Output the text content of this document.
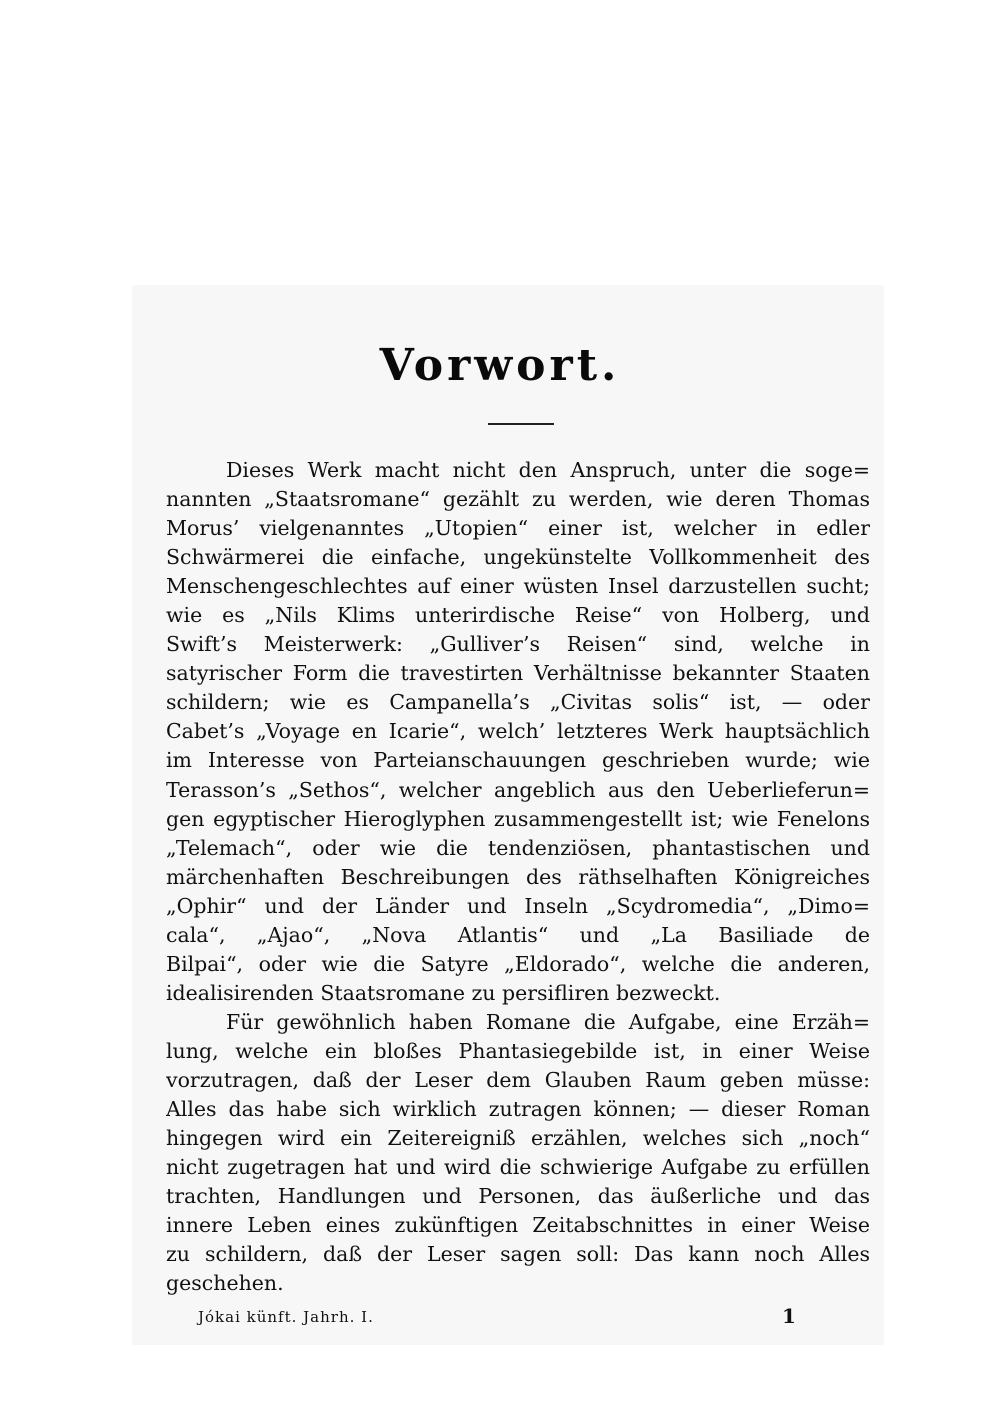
Vorwort.
Dieses Werk macht nicht den Anspruch, unter die soge=
nannten „Staatsromane“ gezählt zu werden, wie deren Thomas
Morus’ vielgenanntes „Utopien“ einer ist, welcher in edler
Schwärmerei die einfache, ungekünstelte Vollkommenheit des
Menschengeschlechtes auf einer wüsten Insel darzustellen sucht;
wie es „Nils Klims unterirdische Reise“ von Holberg, und
Swift’s Meisterwerk: „Gulliver’s Reisen“ sind, welche in
satyrischer Form die travestirten Verhältnisse bekannter Staaten
schildern; wie es Campanella’s „Civitas solis“ ist, — oder
Cabet’s „Voyage en Icarie“, welch’ letzteres Werk hauptsächlich
im Interesse von Parteianschauungen geschrieben wurde; wie
Terasson’s „Sethos“, welcher angeblich aus den Ueberlieferun=
gen egyptischer Hieroglyphen zusammengestellt ist; wie Fenelons
„Telemach“, oder wie die tendenziösen, phantastischen und
märchenhaften Beschreibungen des räthselhaften Königreiches
„Ophir“ und der Länder und Inseln „Scydromedia“, „Dimo=
cala“, „Ajao“, „Nova Atlantis“ und „La Basiliade de
Bilpai“, oder wie die Satyre „Eldorado“, welche die anderen,
idealisirenden Staatsromane zu persifliren bezweckt.
Für gewöhnlich haben Romane die Aufgabe, eine Erzäh=
lung, welche ein bloßes Phantasiegebilde ist, in einer Weise
vorzutragen, daß der Leser dem Glauben Raum geben müsse:
Alles das habe sich wirklich zutragen können; — dieser Roman
hingegen wird ein Zeitereigniß erzählen, welches sich „noch“
nicht zugetragen hat und wird die schwierige Aufgabe zu erfüllen
trachten, Handlungen und Personen, das äußerliche und das
innere Leben eines zukünftigen Zeitabschnittes in einer Weise
zu schildern, daß der Leser sagen soll: Das kann noch Alles
geschehen.
Jókai künft. Jahrh. I.	1
